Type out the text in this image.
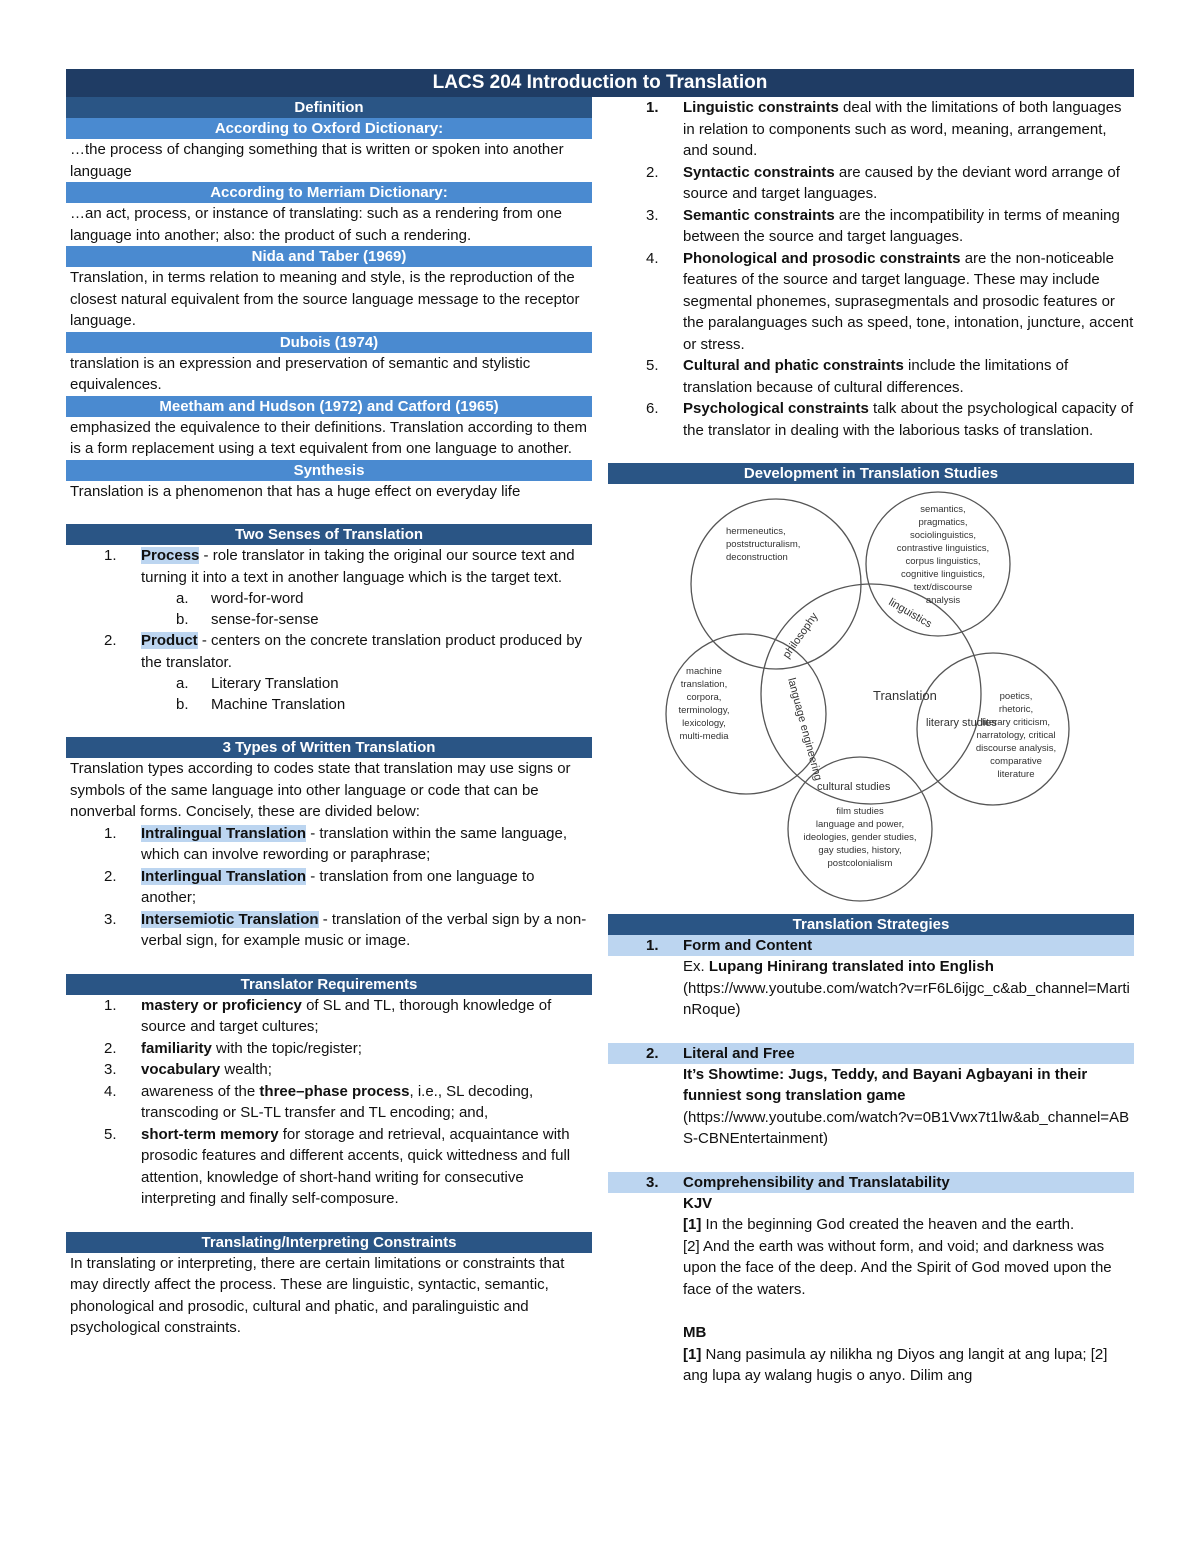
LACS 204 Introduction to Translation
Definition
According to Oxford Dictionary:
…the process of changing something that is written or spoken into another language
According to Merriam Dictionary:
…an act, process, or instance of translating: such as a rendering from one language into another; also: the product of such a rendering.
Nida and Taber (1969)
Translation, in terms relation to meaning and style, is the reproduction of the closest natural equivalent from the source language message to the receptor language.
Dubois (1974)
translation is an expression and preservation of semantic and stylistic equivalences.
Meetham and Hudson (1972) and Catford (1965)
emphasized the equivalence to their definitions. Translation according to them is a form replacement using a text equivalent from one language to another.
Synthesis
Translation is a phenomenon that has a huge effect on everyday life
Two Senses of Translation
1. Process - role translator in taking the original our source text and turning it into a text in another language which is the target text.
a. word-for-word
b. sense-for-sense
2. Product - centers on the concrete translation product produced by the translator.
a. Literary Translation
b. Machine Translation
3 Types of Written Translation
Translation types according to codes state that translation may use signs or symbols of the same language into other language or code that can be nonverbal forms. Concisely, these are divided below:
1. Intralingual Translation - translation within the same language, which can involve rewording or paraphrase;
2. Interlingual Translation - translation from one language to another;
3. Intersemiotic Translation - translation of the verbal sign by a non-verbal sign, for example music or image.
Translator Requirements
1. mastery or proficiency of SL and TL, thorough knowledge of source and target cultures;
2. familiarity with the topic/register;
3. vocabulary wealth;
4. awareness of the three–phase process, i.e., SL decoding, transcoding or SL-TL transfer and TL encoding; and,
5. short-term memory for storage and retrieval, acquaintance with prosodic features and different accents, quick wittedness and full attention, knowledge of short-hand writing for consecutive interpreting and finally self-composure.
Translating/Interpreting Constraints
In translating or interpreting, there are certain limitations or constraints that may directly affect the process. These are linguistic, syntactic, semantic, phonological and prosodic, cultural and phatic, and paralinguistic and psychological constraints.
1. Linguistic constraints deal with the limitations of both languages in relation to components such as word, meaning, arrangement, and sound.
2. Syntactic constraints are caused by the deviant word arrange of source and target languages.
3. Semantic constraints are the incompatibility in terms of meaning between the source and target languages.
4. Phonological and prosodic constraints are the non-noticeable features of the source and target language. These may include segmental phonemes, suprasegmentals and prosodic features or the paralanguages such as speed, tone, intonation, juncture, accent or stress.
5. Cultural and phatic constraints include the limitations of translation because of cultural differences.
6. Psychological constraints talk about the psychological capacity of the translator in dealing with the laborious tasks of translation.
Development in Translation Studies
Translation
philosophy	linguistics
language engineering	literary studies
cultural studies
hermeneutics,
poststructuralism,
deconstruction
semantics,
pragmatics,
sociolinguistics,
contrastive linguistics,
corpus linguistics,
cognitive linguistics,
text/discourse
analysis
machine
translation,
corpora,
terminology,
lexicology,
multi-media
poetics,
rhetoric,
literary criticism,
narratology, critical
discourse analysis,
comparative
literature
film studies
language and power,
ideologies, gender studies,
gay studies, history,
postcolonialism
Translation Strategies
1. Form and Content
Ex. Lupang Hinirang translated into English
(https://www.youtube.com/watch?v=rF6L6ijgc_c&ab_channel=MartinRoque)
2. Literal and Free
It’s Showtime: Jugs, Teddy, and Bayani Agbayani in their funniest song translation game
(https://www.youtube.com/watch?v=0B1Vwx7t1lw&ab_channel=ABS-CBNEntertainment)
3. Comprehensibility and Translatability
KJV
[1] In the beginning God created the heaven and the earth.
[2] And the earth was without form, and void; and darkness was upon the face of the deep. And the Spirit of God moved upon the face of the waters.
MB
[1] Nang pasimula ay nilikha ng Diyos ang langit at ang lupa; [2] ang lupa ay walang hugis o anyo. Dilim ang
